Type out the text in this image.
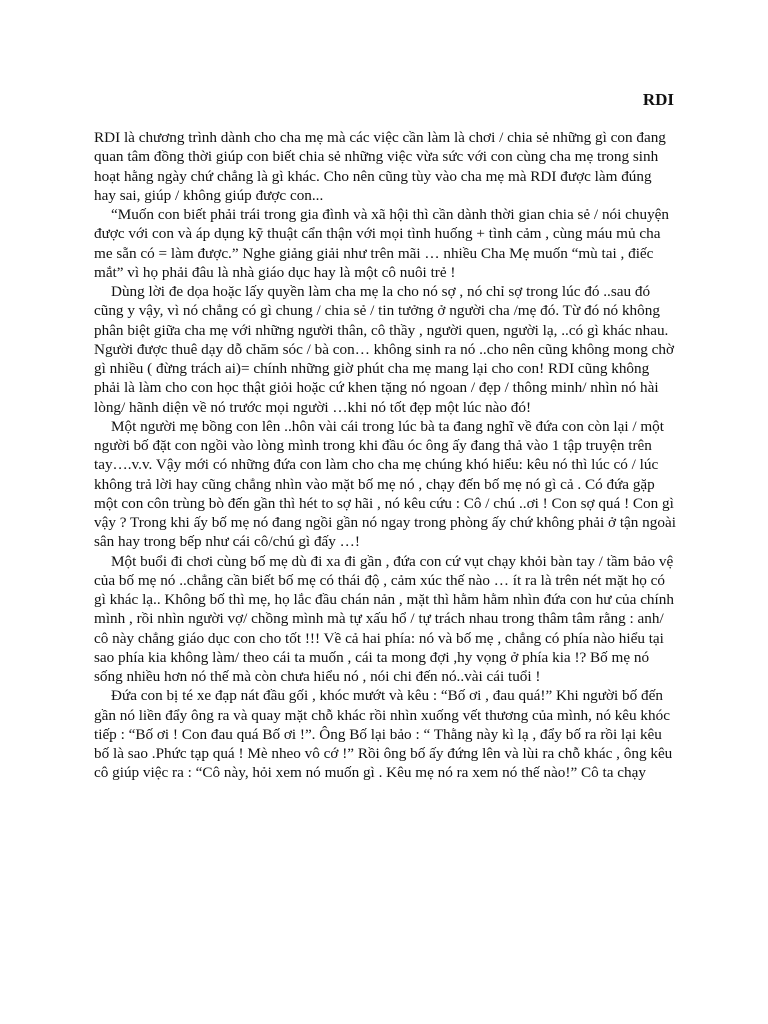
RDI

RDI là chương trình dành cho cha mẹ mà các việc cần làm là chơi / chia sẻ những gì con đang quan tâm đồng thời giúp con biết chia sẻ những việc vừa sức với con cùng cha mẹ trong sinh hoạt hằng ngày chứ chẳng là gì khác. Cho nên cũng tùy vào cha mẹ mà RDI được làm đúng hay sai, giúp / không giúp được con...

“Muốn con biết phải trái trong gia đình và xã hội thì cần dành thời gian chia sẻ / nói chuyện được với con và áp dụng kỹ thuật cẩn thận với mọi tình huống + tình cảm , cùng máu mủ cha me sẵn có = làm được.” Nghe giảng giải như trên mãi … nhiều Cha Mẹ muốn “mù tai , điếc mắt” vì họ phải đâu là nhà giáo dục hay là một cô nuôi trẻ !

Dùng lời đe dọa hoặc lấy quyền làm cha mẹ la cho nó sợ , nó chỉ sợ trong lúc đó ..sau đó cũng y vậy, vì nó chẳng có gì chung / chia sẻ / tin tưởng ở người cha /mẹ đó. Từ đó nó không phân biệt giữa cha mẹ với những người thân, cô thầy , người quen, người lạ, ..có gì khác nhau. Người được thuê dạy dỗ chăm sóc / bà con… không sinh ra nó ..cho nên cũng không mong chờ gì nhiều ( đừng trách ai)= chính những giờ phút cha mẹ mang lại cho con! RDI cũng không phải là làm cho con học thật giỏi hoặc cứ khen tặng nó ngoan / đẹp / thông minh/ nhìn nó hài lòng/ hãnh diện về nó trước mọi người …khi nó tốt đẹp một lúc nào đó!

Một người mẹ bồng con lên ..hôn vài cái trong lúc bà ta đang nghĩ về đứa con còn lại / một người bố đặt con ngồi vào lòng mình trong khi đầu óc ông ấy đang thả vào 1 tập truyện trên tay….v.v. Vậy mới có những đứa con làm cho cha mẹ chúng khó hiểu: kêu nó thì lúc có / lúc không trả lời hay cũng chẳng nhìn vào mặt bố mẹ nó , chạy đến bố mẹ nó gì cả . Có đứa gặp một con côn trùng bò đến gần thì hét to sợ hãi , nó kêu cứu : Cô / chú ..ơi ! Con sợ quá ! Con gì vậy ? Trong khi ấy bố mẹ nó đang ngồi gần nó ngay trong phòng ấy chứ không phải ở tận ngoài sân hay trong bếp như cái cô/chú gì đấy …!

Một buổi đi chơi cùng bố mẹ dù đi xa đi gần , đứa con cứ vụt chạy khỏi bàn tay / tầm bảo vệ của bố mẹ nó ..chẳng cần biết bố mẹ có thái độ , cảm xúc thế nào … ít ra là trên nét mặt họ có gì khác lạ.. Không bố thì mẹ, họ lắc đầu chán nản , mặt thì hằm hằm nhìn đứa con hư của chính mình , rồi nhìn người vợ/ chồng mình mà tự xấu hổ / tự trách nhau trong thâm tâm rằng : anh/ cô này chẳng giáo dục con cho tốt !!! Về cả hai phía: nó và bố mẹ , chẳng có phía nào hiểu tại sao phía kia không làm/ theo cái ta muốn , cái ta mong đợi ,hy vọng ở phía kia !? Bố mẹ nó sống nhiều hơn nó thế mà còn chưa hiểu nó , nói chi đến nó..vài cái tuổi !

Đứa con bị té xe đạp nát đầu gối , khóc mướt và kêu : “Bố ơi , đau quá!” Khi người bố đến gần nó liền đẩy ông ra và quay mặt chỗ khác rồi nhìn xuống vết thương của mình, nó kêu khóc tiếp : “Bố ơi ! Con đau quá Bố ơi !”. Ông Bố lại bảo : “ Thằng này kì lạ , đẩy bố ra rồi lại kêu bố là sao .Phức tạp quá ! Mè nheo vô cớ !” Rồi ông bố ấy đứng lên và lùi ra chỗ khác , ông kêu cô giúp việc ra : “Cô này, hỏi xem nó muốn gì . Kêu mẹ nó ra xem nó thế nào!” Cô ta chạy
